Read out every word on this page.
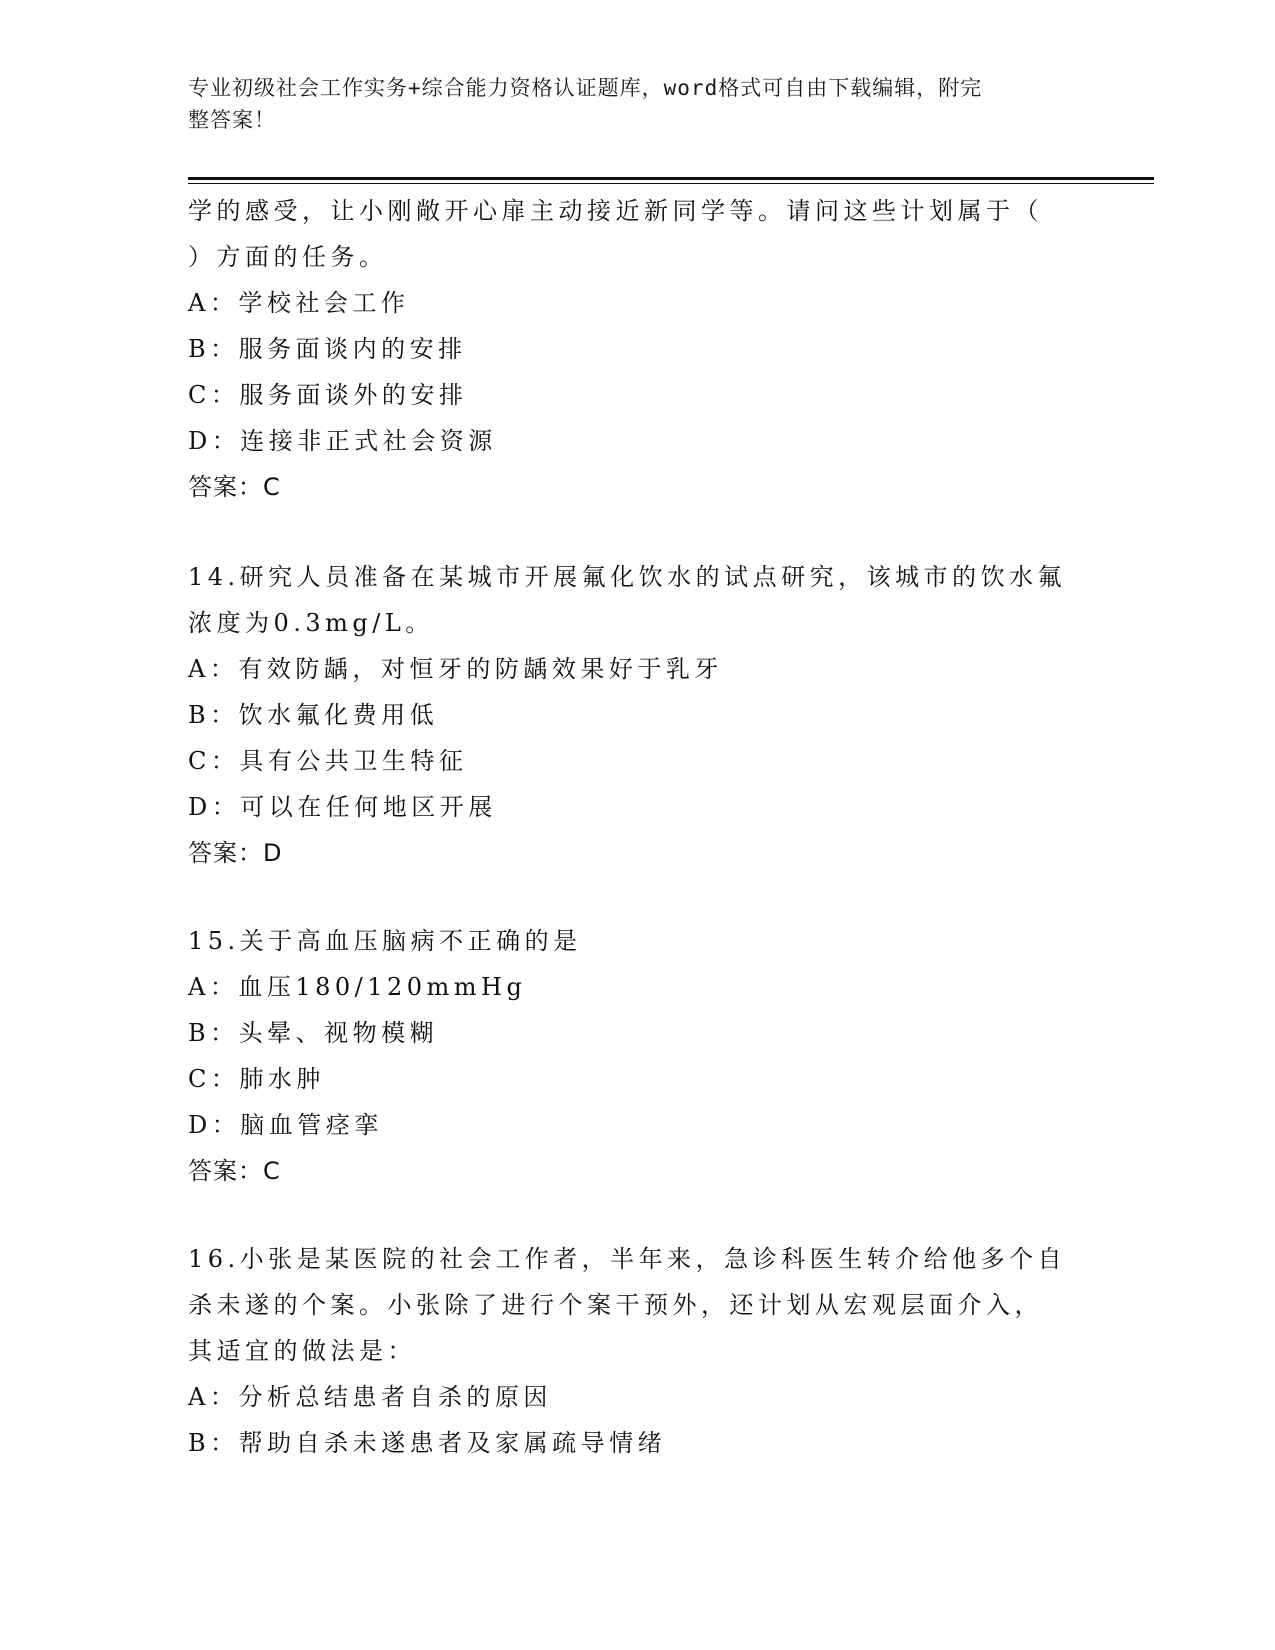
专业初级社会工作实务+综合能力资格认证题库，word格式可自由下载编辑，附完
整答案！
学的感受，让小刚敞开心扉主动接近新同学等。请问这些计划属于（
）方面的任务。
A：学校社会工作
B：服务面谈内的安排
C：服务面谈外的安排
D：连接非正式社会资源
答案：C
14.研究人员准备在某城市开展氟化饮水的试点研究，该城市的饮水氟
浓度为0.3mg/L。
A：有效防龋，对恒牙的防龋效果好于乳牙
B：饮水氟化费用低
C：具有公共卫生特征
D：可以在任何地区开展
答案：D
15.关于高血压脑病不正确的是
A：血压180/120mmHg
B：头晕、视物模糊
C：肺水肿
D：脑血管痉挛
答案：C
16.小张是某医院的社会工作者，半年来，急诊科医生转介给他多个自
杀未遂的个案。小张除了进行个案干预外，还计划从宏观层面介入，
其适宜的做法是：
A：分析总结患者自杀的原因
B：帮助自杀未遂患者及家属疏导情绪
